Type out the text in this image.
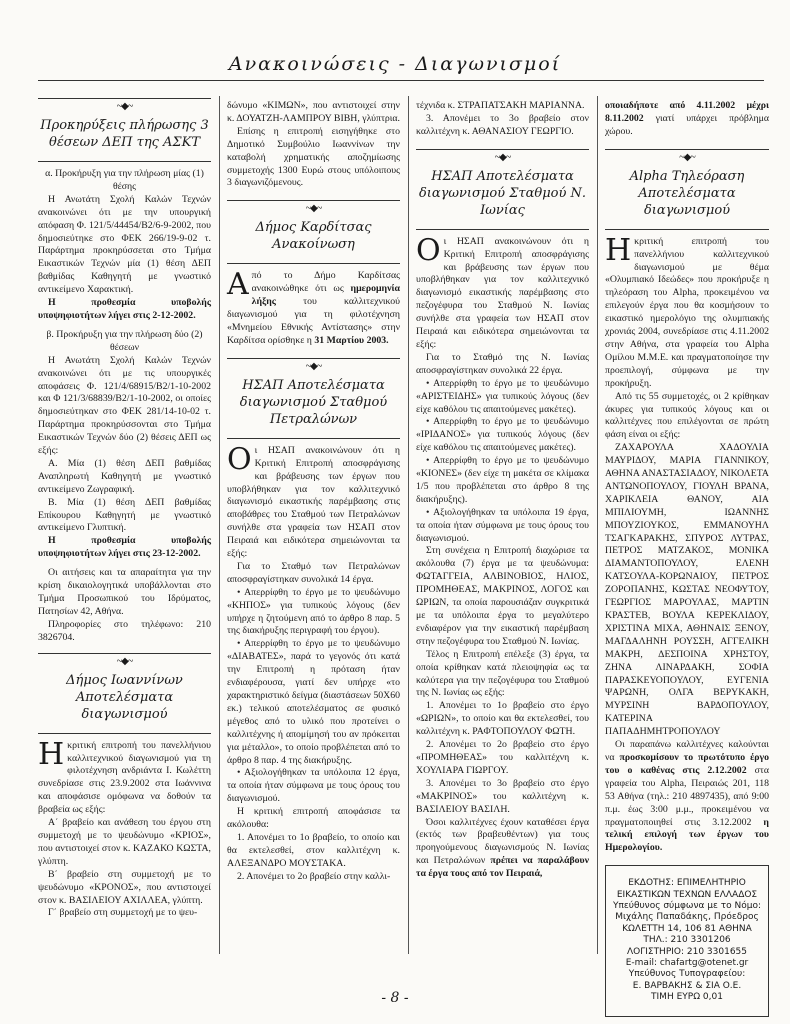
Ανακοινώσεις - Διαγωνισμοί
~◆~
Προκηρύξεις πλήρωσης 3 θέσεων ΔΕΠ της ΑΣΚΤ

α. Προκήρυξη για την πλήρωση μίας (1) θέσης

Η Ανωτάτη Σχολή Καλών Τεχνών ανακοινώνει ότι με την υπουργική απόφαση Φ. 121/5/44454/Β2/6-9-2002, που δημοσιεύτηκε στο ΦΕΚ 266/19-9-02 τ. Παράρτημα προκηρύσσεται στο Τμήμα Εικαστικών Τεχνών μία (1) θέση ΔΕΠ βαθμίδας Καθηγητή με γνωστικό αντικείμενο Χαρακτική.

Η προθεσμία υποβολής υποψηφιοτήτων λήγει στις 2-12-2002.

β. Προκήρυξη για την πλήρωση δύο (2) θέσεων

Η Ανωτάτη Σχολή Καλών Τεχνών ανακοινώνει ότι με τις υπουργικές αποφάσεις Φ. 121/4/68915/Β2/1-10-2002 και Φ 121/3/68839/Β2/1-10-2002, οι οποίες δημοσιεύτηκαν στο ΦΕΚ 281/14-10-02 τ. Παράρτημα προκηρύσσονται στο Τμήμα Εικαστικών Τεχνών δύο (2) θέσεις ΔΕΠ ως εξής:

Α. Μία (1) θέση ΔΕΠ βαθμίδας Αναπληρωτή Καθηγητή με γνωστικό αντικείμενο Ζωγραφική.

Β. Μία (1) θέση ΔΕΠ βαθμίδας Επίκουρου Καθηγητή με γνωστικό αντικείμενο Γλυπτική.

Η προθεσμία υποβολής υποψηφιοτήτων λήγει στις 23-12-2002.

Οι αιτήσεις και τα απαραίτητα για την κρίση δικαιολογητικά υποβάλλονται στο Τμήμα Προσωπικού του Ιδρύματος, Πατησίων 42, Αθήνα.

Πληροφορίες στο τηλέφωνο: 210 3826704.

~◆~
Δήμος Ιωαννίνων Αποτελέσματα διαγωνισμού

Ηκριτική επιτροπή του πανελλήνιου καλλιτεχνικού διαγωνισμού για τη φιλοτέχνηση ανδριάντα Ι. Κωλέττη συνεδρίασε στις 23.9.2002 στα Ιωάννινα και αποφάσισε ομόφωνα να δοθούν τα βραβεία ως εξής:

Α΄ βραβείο και ανάθεση του έργου στη συμμετοχή με το ψευδώνυμο «ΚΡΙΟΣ», που αντιστοιχεί στον κ. ΚΑΖΑΚΟ ΚΩΣΤΑ, γλύπτη.

Β΄ βραβείο στη συμμετοχή με το ψευδώνυμο «ΚΡΟΝΟΣ», που αντιστοιχεί στον κ. ΒΑΣΙΛΕΙΟΥ ΑΧΙΛΛΕΑ, γλύπτη.

Γ΄ βραβείο στη συμμετοχή με το ψευ-

δώνυμο «ΚΙΜΩΝ», που αντιστοιχεί στην κ. ΔΟΥΑΤΖΗ-ΛΑΜΠΡΟΥ ΒΙΒΗ, γλύπτρια.

Επίσης η επιτροπή εισηγήθηκε στο Δημοτικό Συμβούλιο Ιωαννίνων την καταβολή χρηματικής αποζημίωσης συμμετοχής 1300 Ευρώ στους υπόλοιπους 3 διαγωνιζόμενους.

~◆~
Δήμος Καρδίτσας Ανακοίνωση

Από το Δήμο Καρδίτσας ανακοινώθηκε ότι ως ημερομηνία λήξης του καλλιτεχνικού διαγωνισμού για τη φιλοτέχνηση «Μνημείου Εθνικής Αντίστασης» στην Καρδίτσα ορίσθηκε η 31 Μαρτίου 2003.

~◆~
ΗΣΑΠ Αποτελέσματα διαγωνισμού Σταθμού Πετραλώνων

Οι ΗΣΑΠ ανακοινώνουν ότι η Κριτική Επιτροπή αποσφράγισης και βράβευσης των έργων που υποβλήθηκαν για τον καλλιτεχνικό διαγωνισμό εικαστικής παρέμβασης στις αποβάθρες του Σταθμού των Πετραλώνων συνήλθε στα γραφεία των ΗΣΑΠ στον Πειραιά και ειδικότερα σημειώνονται τα εξής:

Για το Σταθμό των Πετραλώνων αποσφραγίστηκαν συνολικά 14 έργα.

• Απερρίφθη το έργο με το ψευδώνυμο «ΚΗΠΟΣ» για τυπικούς λόγους (δεν υπήρχε η ζητούμενη από το άρθρο 8 παρ. 5 της διακήρυξης περιγραφή του έργου).

• Απερρίφθη το έργο με το ψευδώνυμο «ΔΙΑΒΑΤΕΣ», παρά το γεγονός ότι κατά την Επιτροπή η πρόταση ήταν ενδιαφέρουσα, γιατί δεν υπήρχε «το χαρακτηριστικό δείγμα (διαστάσεων 50Χ60 εκ.) τελικού αποτελέσματος σε φυσικό μέγεθος από το υλικό που προτείνει ο καλλιτέχνης ή απομίμησή του αν πρόκειται για μέταλλο», το οποίο προβλέπεται από το άρθρο 8 παρ. 4 της διακήρυξης.

• Αξιολογήθηκαν τα υπόλοιπα 12 έργα, τα οποία ήταν σύμφωνα με τους όρους του διαγωνισμού.

Η κριτική επιτροπή αποφάσισε τα ακόλουθα:

1. Απονέμει το 1ο βραβείο, το οποίο και θα εκτελεσθεί, στον καλλιτέχνη κ. ΑΛΕΞΑΝΔΡΟ ΜΟΥΣΤΑΚΑ.

2. Απονέμει το 2ο βραβείο στην καλλι-

τέχνιδα κ. ΣΤΡΑΠΑΤΣΑΚΗ ΜΑΡΙΑΝΝΑ.

3. Απονέμει το 3ο βραβείο στον καλλιτέχνη κ. ΑΘΑΝΑΣΙΟΥ ΓΕΩΡΓΙΟ.

~◆~
ΗΣΑΠ Αποτελέσματα διαγωνισμού Σταθμού Ν. Ιωνίας

Οι ΗΣΑΠ ανακοινώνουν ότι η Κριτική Επιτροπή αποσφράγισης και βράβευσης των έργων που υποβλήθηκαν για τον καλλιτεχνικό διαγωνισμό εικαστικής παρέμβασης στο πεζογέφυρα του Σταθμού Ν. Ιωνίας συνήλθε στα γραφεία των ΗΣΑΠ στον Πειραιά και ειδικότερα σημειώνονται τα εξής:

Για το Σταθμό της Ν. Ιωνίας αποσφραγίστηκαν συνολικά 22 έργα.

• Απερρίφθη το έργο με το ψευδώνυμο «ΑΡΙΣΤΕΙΔΗΣ» για τυπικούς λόγους (δεν είχε καθόλου τις απαιτούμενες μακέτες).

• Απερρίφθη το έργο με το ψευδώνυμο «ΙΡΙΔΑΝΟΣ» για τυπικούς λόγους (δεν είχε καθόλου τις απαιτούμενες μακέτες).

• Απερρίφθη το έργο με το ψευδώνυμο «ΚΙΟΝΕΣ» (δεν είχε τη μακέτα σε κλίμακα 1/5 που προβλέπεται στο άρθρο 8 της διακήρυξης).

• Αξιολογήθηκαν τα υπόλοιπα 19 έργα, τα οποία ήταν σύμφωνα με τους όρους του διαγωνισμού.

Στη συνέχεια η Επιτροπή διαχώρισε τα ακόλουθα (7) έργα με τα ψευδώνυμα: ΦΩΤΑΓΓΕΙΑ, ΑΛΒΙΝΟΒΙΟΣ, ΗΛΙΟΣ, ΠΡΟΜΗΘΕΑΣ, ΜΑΚΡΙΝΟΣ, ΛΟΓΟΣ και ΩΡΙΩΝ, τα οποία παρουσιάζαν συγκριτικά με τα υπόλοιπα έργα το μεγαλύτερο ενδιαφέρον για την εικαστική παρέμβαση στην πεζογέφυρα του Σταθμού Ν. Ιωνίας.

Τέλος η Επιτροπή επέλεξε (3) έργα, τα οποία κρίθηκαν κατά πλειοψηφία ως τα καλύτερα για την πεζογέφυρα του Σταθμού της Ν. Ιωνίας ως εξής:

1. Απονέμει το 1ο βραβείο στο έργο «ΩΡΙΩΝ», το οποίο και θα εκτελεσθεί, του καλλιτέχνη κ. ΡΑΦΤΟΠΟΥΛΟΥ ΦΩΤΗ.

2. Απονέμει το 2ο βραβείο στο έργο «ΠΡΟΜΗΘΕΑΣ» του καλλιτέχνη κ. ΧΟΥΛΙΑΡΑ ΓΙΩΡΓΟΥ.

3. Απονέμει το 3ο βραβείο στο έργο «ΜΑΚΡΙΝΟΣ» του καλλιτέχνη κ. ΒΑΣΙΛΕΙΟΥ ΒΑΣΙΛΗ.

Όσοι καλλιτέχνες έχουν καταθέσει έργα (εκτός των βραβευθέντων) για τους προηγούμενους διαγωνισμούς Ν. Ιωνίας και Πετραλώνων πρέπει να παραλάβουν τα έργα τους από τον Πειραιά,

οποιαδήποτε από 4.11.2002 μέχρι 8.11.2002 γιατί υπάρχει πρόβλημα χώρου.

~◆~
Alpha Τηλεόραση Αποτελέσματα διαγωνισμού

Ηκριτική επιτροπή του πανελλήνιου καλλιτεχνικού διαγωνισμού με θέμα «Ολυμπιακό Ιδεώδες» που προκήρυξε η τηλεόραση του Alpha, προκειμένου να επιλεγούν έργα που θα κοσμήσουν το εικαστικό ημερολόγιο της ολυμπιακής χρονιάς 2004, συνεδρίασε στις 4.11.2002 στην Αθήνα, στα γραφεία του Alpha Ομίλου Μ.Μ.Ε. και πραγματοποίησε την προεπιλογή, σύμφωνα με την προκήρυξη.

Από τις 55 συμμετοχές, οι 2 κρίθηκαν άκυρες για τυπικούς λόγους και οι καλλιτέχνες που επιλέγονται σε πρώτη φάση είναι οι εξής:

ΖΑΧΑΡΟΥΛΑ ΧΑΔΟΥΛΙΑ ΜΑΥΡΙΔΟΥ, ΜΑΡΙΑ ΓΙΑΝΝΙΚΟΥ, ΑΘΗΝΑ ΑΝΑΣΤΑΣΙΑΔΟΥ, ΝΙΚΟΛΕΤΑ ΑΝΤΩΝΟΠΟΥΛΟΥ, ΓΙΟΥΛΗ ΒΡΑΝΑ, ΧΑΡΙΚΛΕΙΑ ΘΑΝΟΥ, ΑΙΑ ΜΠΙΛΙΟΥΜΗ, ΙΩΑΝΝΗΣ ΜΠΟΥΖΙΟΥΚΟΣ, ΕΜΜΑΝΟΥΗΛ ΤΣΑΓΚΑΡΑΚΗΣ, ΣΠΥΡΟΣ ΛΥΤΡΑΣ, ΠΕΤΡΟΣ ΜΑΤΖΑΚΟΣ, ΜΟΝΙΚΑ ΔΙΑΜΑΝΤΟΠΟΥΛΟΥ, ΕΛΕΝΗ ΚΑΤΣΟΥΛΑ-ΚΟΡΩΝΑΙΟΥ, ΠΕΤΡΟΣ ΖΟΡΟΠΑΝΗΣ, ΚΩΣΤΑΣ ΝΕΟΦΥΤΟΥ, ΓΕΩΡΓΙΟΣ ΜΑΡΟΥΛΑΣ, ΜΑΡΤΙΝ ΚΡΑΣΤΕΒ, ΒΟΥΛΑ ΚΕΡΕΚΛΙΔΟΥ, ΧΡΙΣΤΙΝΑ ΜΙΧΑ, ΑΘΗΝΑΙΣ ΞΕΝΟΥ, ΜΑΓΔΑΛΗΝΗ ΡΟΥΣΣΗ, ΑΓΓΕΛΙΚΗ ΜΑΚΡΗ, ΔΕΣΠΟΙΝΑ ΧΡΗΣΤΟΥ, ΖΗΝΑ ΛΙΝΑΡΔΑΚΗ, ΣΟΦΙΑ ΠΑΡΑΣΚΕΥΟΠΟΥΛΟΥ, ΕΥΓΕΝΙΑ ΨΑΡΩΝΗ, ΟΛΓΑ ΒΕΡΥΚΑΚΗ, ΜΥΡΣΙΝΗ ΒΑΡΔΟΠΟΥΛΟΥ, ΚΑΤΕΡΙΝΑ ΠΑΠΑΔΗΜΗΤΡΟΠΟΥΛΟΥ

Οι παραπάνω καλλιτέχνες καλούνται να προσκομίσουν το πρωτότυπο έργο του ο καθένας στις 2.12.2002 στα γραφεία του Alpha, Πειραιώς 201, 118 53 Αθήνα (τηλ.: 210 4897435), από 9:00 π.μ. έως 3:00 μ.μ., προκειμένου να πραγματοποιηθεί στις 3.12.2002 η τελική επιλογή των έργων του Ημερολογίου.

ΕΚΔΟΤΗΣ: ΕΠΙΜΕΛΗΤΗΡΙΟ
ΕΙΚΑΣΤΙΚΩΝ ΤΕΧΝΩΝ ΕΛΛΑΔΟΣ
Υπεύθυνος σύμφωνα με το Νόμο:
Μιχάλης Παπαδάκης, Πρόεδρος
ΚΩΛΕΤΤΗ 14, 106 81 ΑΘΗΝΑ
ΤΗΛ.: 210 3301206
ΛΟΓΙΣΤΗΡΙΟ: 210 3301655
E-mail: chafartg@otenet.gr
Υπεύθυνος Τυπογραφείου:
Ε. ΒΑΡΒΑΚΗΣ & ΣΙΑ Ο.Ε.
ΤΙΜΗ ΕΥΡΩ 0,01
- 8 -
